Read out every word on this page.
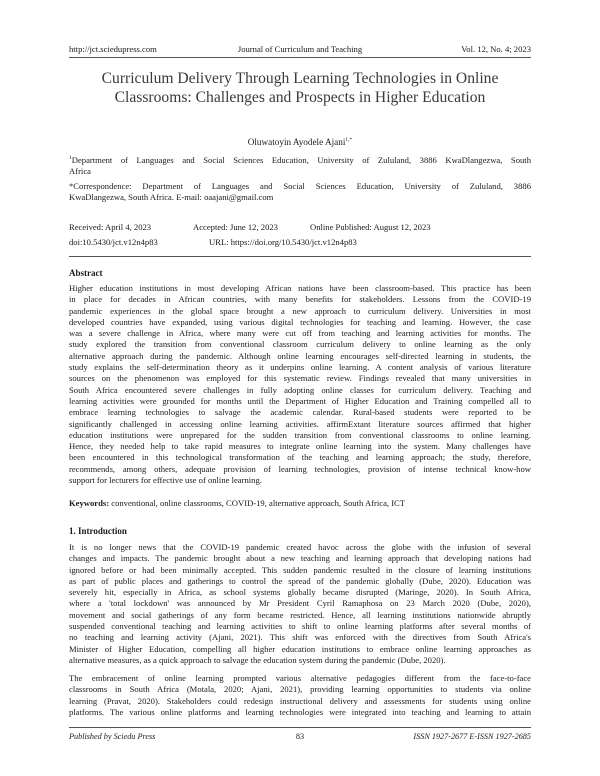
http://jct.sciedupress.com	Journal of Curriculum and Teaching	Vol. 12, No. 4; 2023
Curriculum Delivery Through Learning Technologies in Online
Classrooms: Challenges and Prospects in Higher Education
Oluwatoyin Ayodele Ajani$^{1,*}$
$^1$Department of Languages and Social Sciences Education, University of Zululand, 3886 KwaDlangezwa, South
Africa
*Correspondence: Department of Languages and Social Sciences Education, University of Zululand, 3886
KwaDlangezwa, South Africa. E-mail: oaajani@gmail.com
Received: April 4, 2023	Accepted: June 12, 2023	Online Published: August 12, 2023
doi:10.5430/jct.v12n4p83	URL: https://doi.org/10.5430/jct.v12n4p83
Abstract
Higher education institutions in most developing African nations have been classroom-based. This practice has been
in place for decades in African countries, with many benefits for stakeholders. Lessons from the COVID-19
pandemic experiences in the global space brought a new approach to curriculum delivery. Universities in most
developed countries have expanded, using various digital technologies for teaching and learning. However, the case
was a severe challenge in Africa, where many were cut off from teaching and learning activities for months. The
study explored the transition from conventional classroom curriculum delivery to online learning as the only
alternative approach during the pandemic. Although online learning encourages self-directed learning in students, the
study explains the self-determination theory as it underpins online learning. A content analysis of various literature
sources on the phenomenon was employed for this systematic review. Findings revealed that many universities in
South Africa encountered severe challenges in fully adopting online classes for curriculum delivery. Teaching and
learning activities were grounded for months until the Department of Higher Education and Training compelled all to
embrace learning technologies to salvage the academic calendar. Rural-based students were reported to be
significantly challenged in accessing online learning activities. affirmExtant literature sources affirmed that higher
education institutions were unprepared for the sudden transition from conventional classrooms to online learning.
Hence, they needed help to take rapid measures to integrate online learning into the system. Many challenges have
been encountered in this technological transformation of the teaching and learning approach; the study, therefore,
recommends, among others, adequate provision of learning technologies, provision of intense technical know-how
support for lecturers for effective use of online learning.
Keywords: conventional, online classrooms, COVID-19, alternative approach, South Africa, ICT
1. Introduction
It is no longer news that the COVID-19 pandemic created havoc across the globe with the infusion of several
changes and impacts. The pandemic brought about a new teaching and learning approach that developing nations had
ignored before or had been minimally accepted. This sudden pandemic resulted in the closure of learning institutions
as part of public places and gatherings to control the spread of the pandemic globally (Dube, 2020). Education was
severely hit, especially in Africa, as school systems globally became disrupted (Maringe, 2020). In South Africa,
where a 'total lockdown' was announced by Mr President Cyril Ramaphosa on 23 March 2020 (Dube, 2020),
movement and social gatherings of any form became restricted. Hence, all learning institutions nationwide abruptly
suspended conventional teaching and learning activities to shift to online learning platforms after several months of
no teaching and learning activity (Ajani, 2021). This shift was enforced with the directives from South Africa's
Minister of Higher Education, compelling all higher education institutions to embrace online learning approaches as
alternative measures, as a quick approach to salvage the education system during the pandemic (Dube, 2020).
The embracement of online learning prompted various alternative pedagogies different from the face-to-face
classrooms in South Africa (Motala, 2020; Ajani, 2021), providing learning opportunities to students via online
learning (Pravat, 2020). Stakeholders could redesign instructional delivery and assessments for students using online
platforms. The various online platforms and learning technologies were integrated into teaching and learning to attain
Published by Sciedu Press	83	ISSN 1927-2677 E-ISSN 1927-2685
